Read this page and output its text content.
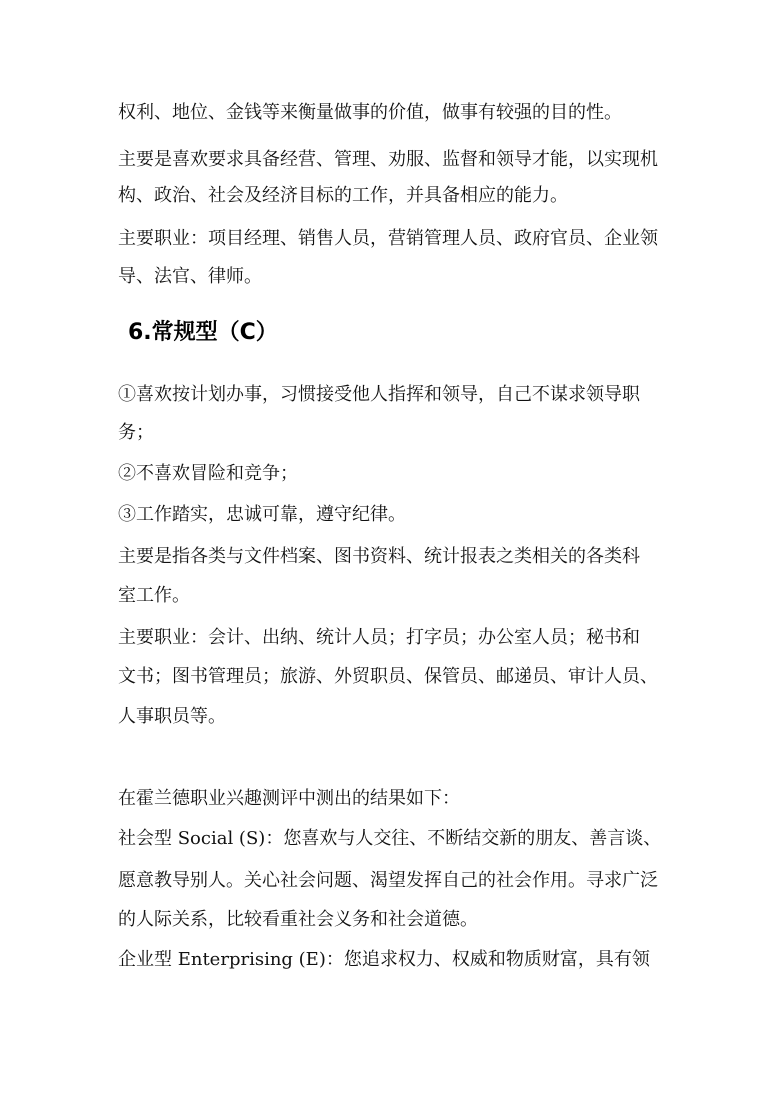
权利、地位、金钱等来衡量做事的价值，做事有较强的目的性。
主要是喜欢要求具备经营、管理、劝服、监督和领导才能，以实现机
构、政治、社会及经济目标的工作，并具备相应的能力。
主要职业：项目经理、销售人员，营销管理人员、政府官员、企业领
导、法官、律师。
6.常规型（C）
①喜欢按计划办事，习惯接受他人指挥和领导，自己不谋求领导职
务；
②不喜欢冒险和竞争；
③工作踏实，忠诚可靠，遵守纪律。
主要是指各类与文件档案、图书资料、统计报表之类相关的各类科
室工作。
主要职业：会计、出纳、统计人员；打字员；办公室人员；秘书和
文书；图书管理员；旅游、外贸职员、保管员、邮递员、审计人员、
人事职员等。
在霍兰德职业兴趣测评中测出的结果如下：
社会型 Social (S)：您喜欢与人交往、不断结交新的朋友、善言谈、
愿意教导别人。关心社会问题、渴望发挥自己的社会作用。寻求广泛
的人际关系，比较看重社会义务和社会道德。
企业型 Enterprising (E)：您追求权力、权威和物质财富，具有领
